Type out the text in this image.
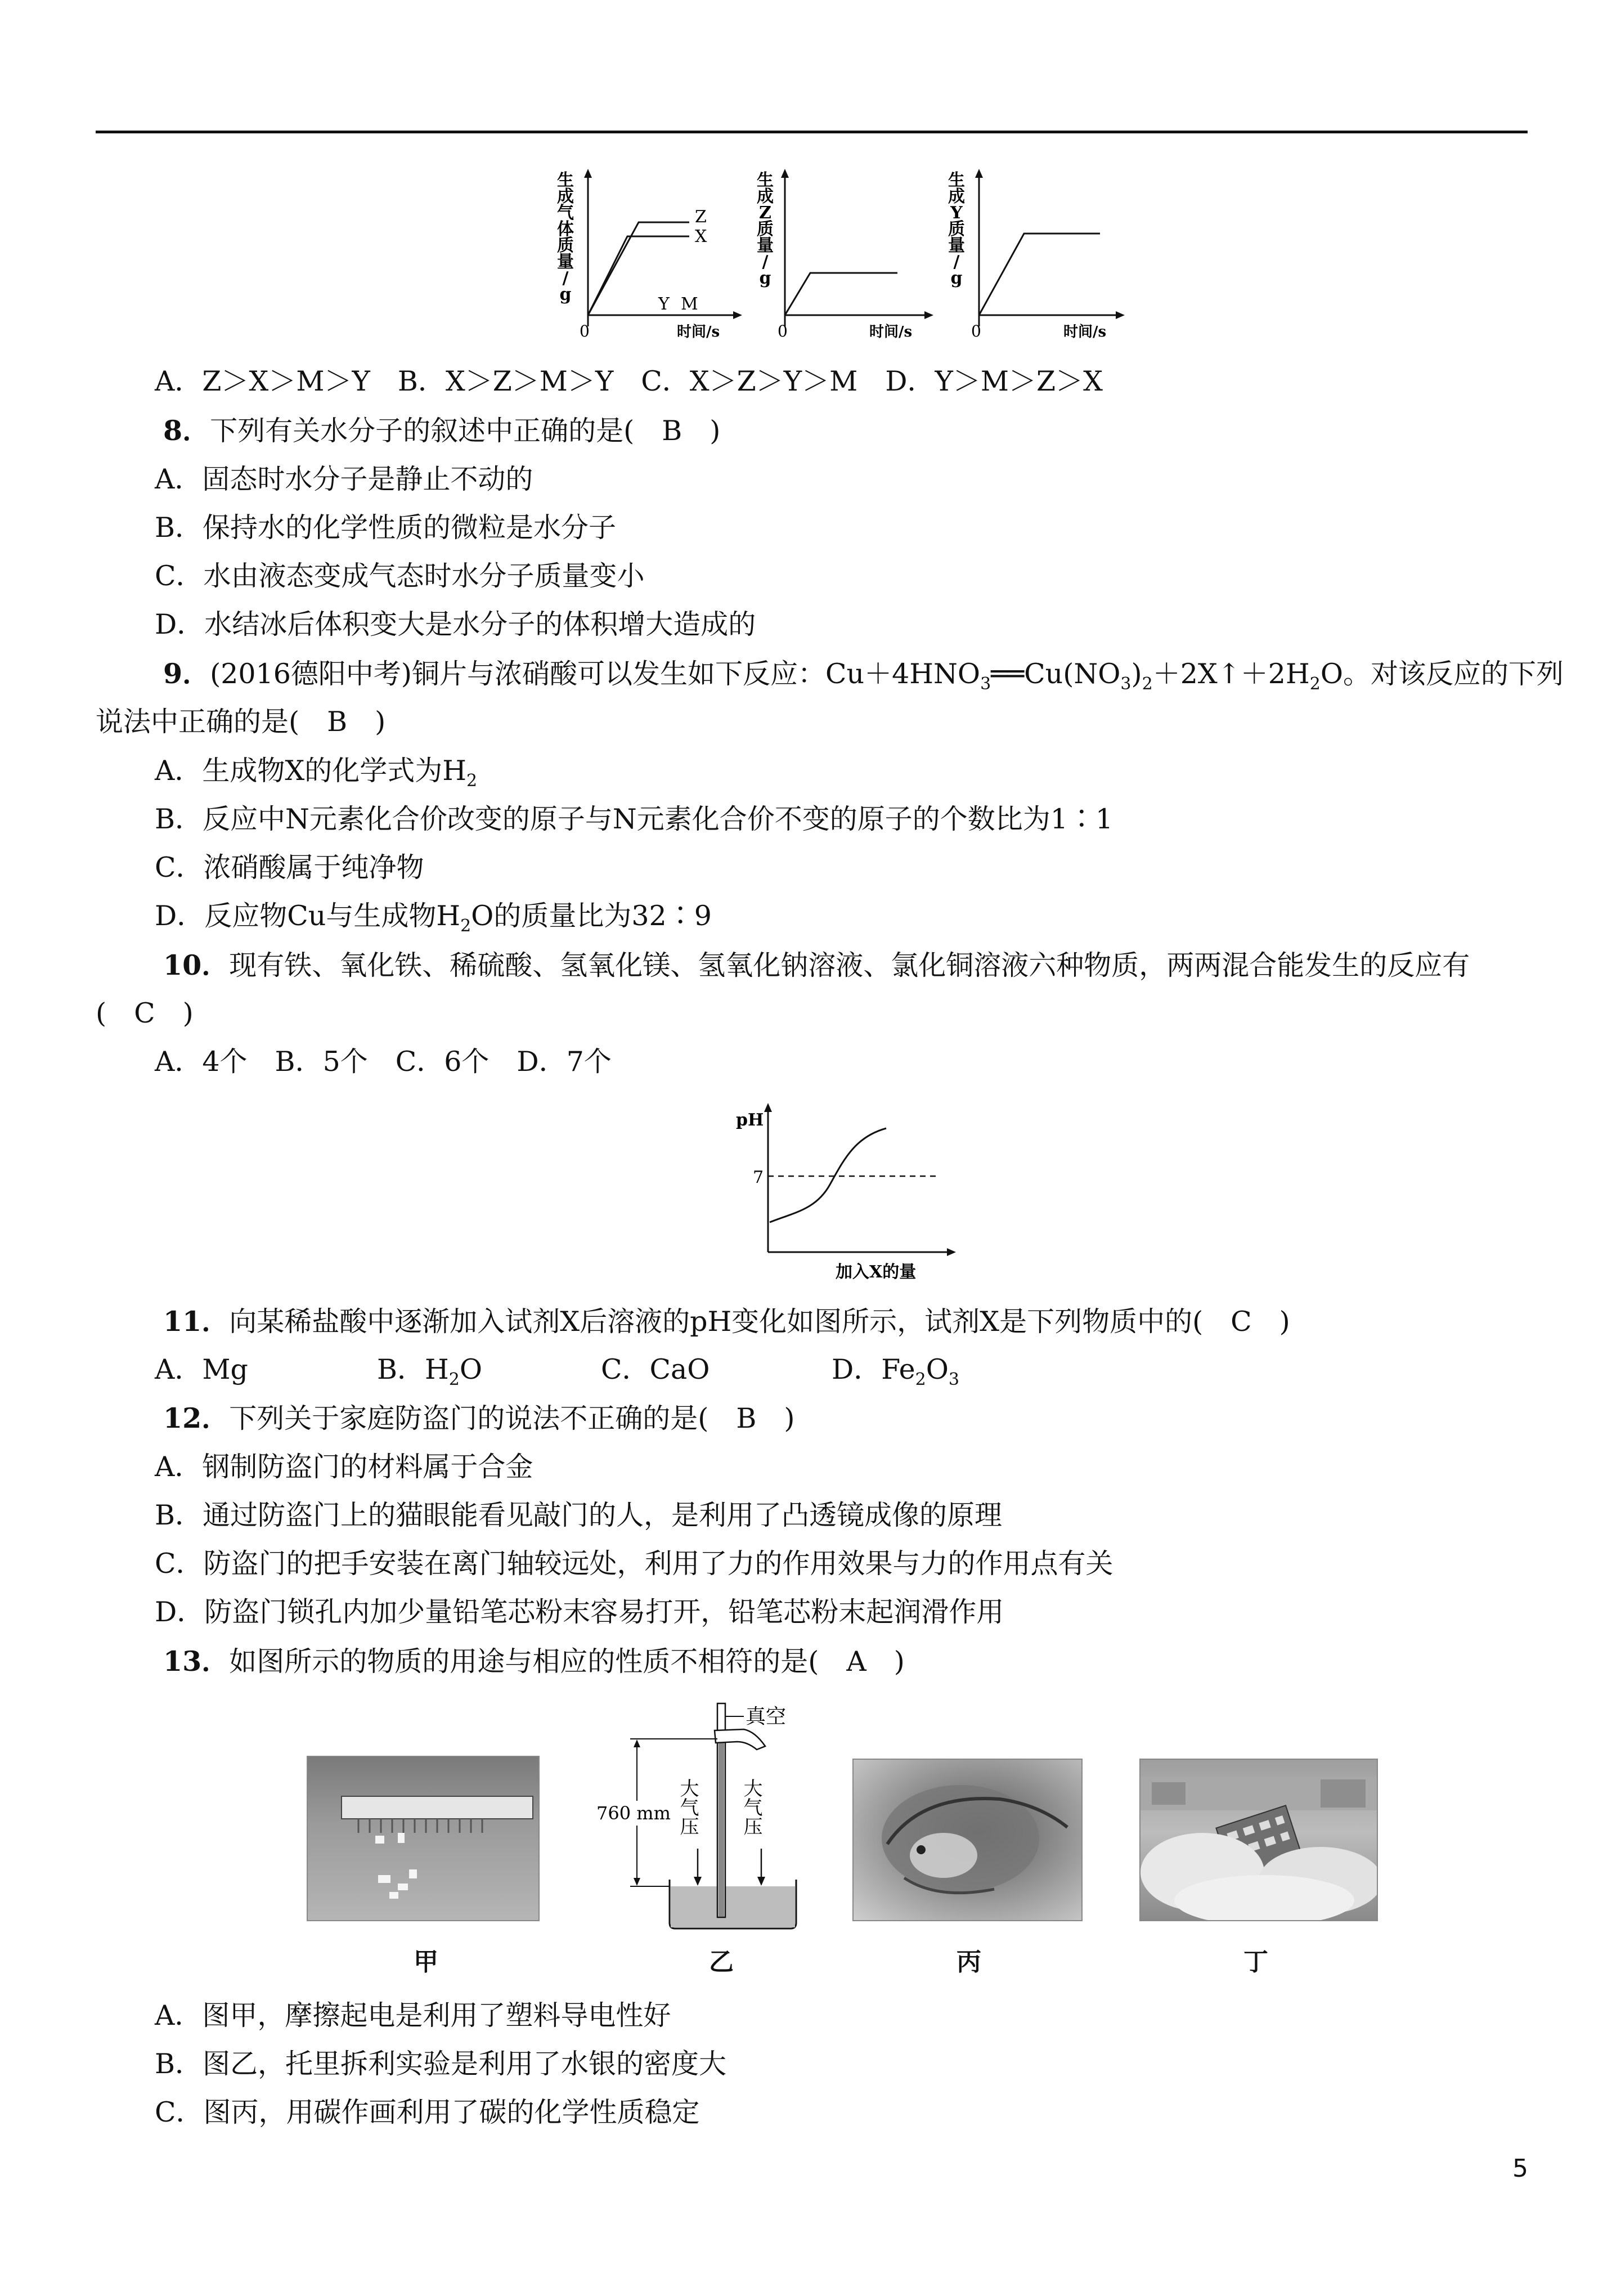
生成气体质量/ g
Z
X
Y M
0	时间/s
生成 Z 质量/ g
0	时间/s
生成 Y 质量/ g
0	时间/s
A．Z＞X＞M＞Y　B．X＞Z＞M＞Y　C．X＞Z＞Y＞M　D．Y＞M＞Z＞X
8．下列有关水分子的叙述中正确的是(　B　)
A．固态时水分子是静止不动的
B．保持水的化学性质的微粒是水分子
C．水由液态变成气态时水分子质量变小
D．水结冰后体积变大是水分子的体积增大造成的
9．(2016德阳中考)铜片与浓硝酸可以发生如下反应：$Cu+4HNO_3══Cu(NO_3)_2+2X↑+2H_2O$。对该反应的下列
说法中正确的是(　B　)
A．生成物X的化学式为$H_2$
B．反应中N元素化合价改变的原子与N元素化合价不变的原子的个数比为1∶1
C．浓硝酸属于纯净物
D．反应物Cu与生成物$H_2O$的质量比为32∶9
10．现有铁、氧化铁、稀硫酸、氢氧化镁、氢氧化钠溶液、氯化铜溶液六种物质，两两混合能发生的反应有
(　C　)
A．4个　B．5个　C．6个　D．7个
pH
7
加入X的量
11．向某稀盐酸中逐渐加入试剂X后溶液的pH变化如图所示，试剂X是下列物质中的(　C　)
A．Mg	B．$H_2O$	C．CaO	D．$Fe_2O_3$
12．下列关于家庭防盗门的说法不正确的是(　B　)
A．钢制防盗门的材料属于合金
B．通过防盗门上的猫眼能看见敲门的人，是利用了凸透镜成像的原理
C．防盗门的把手安装在离门轴较远处，利用了力的作用效果与力的作用点有关
D．防盗门锁孔内加少量铅笔芯粉末容易打开，铅笔芯粉末起润滑作用
13．如图所示的物质的用途与相应的性质不相符的是(　A　)
甲
真空
760 mm 大气压 大气压
乙	丙	丁
A．图甲，摩擦起电是利用了塑料导电性好
B．图乙，托里拆利实验是利用了水银的密度大
C．图丙，用碳作画利用了碳的化学性质稳定
5
